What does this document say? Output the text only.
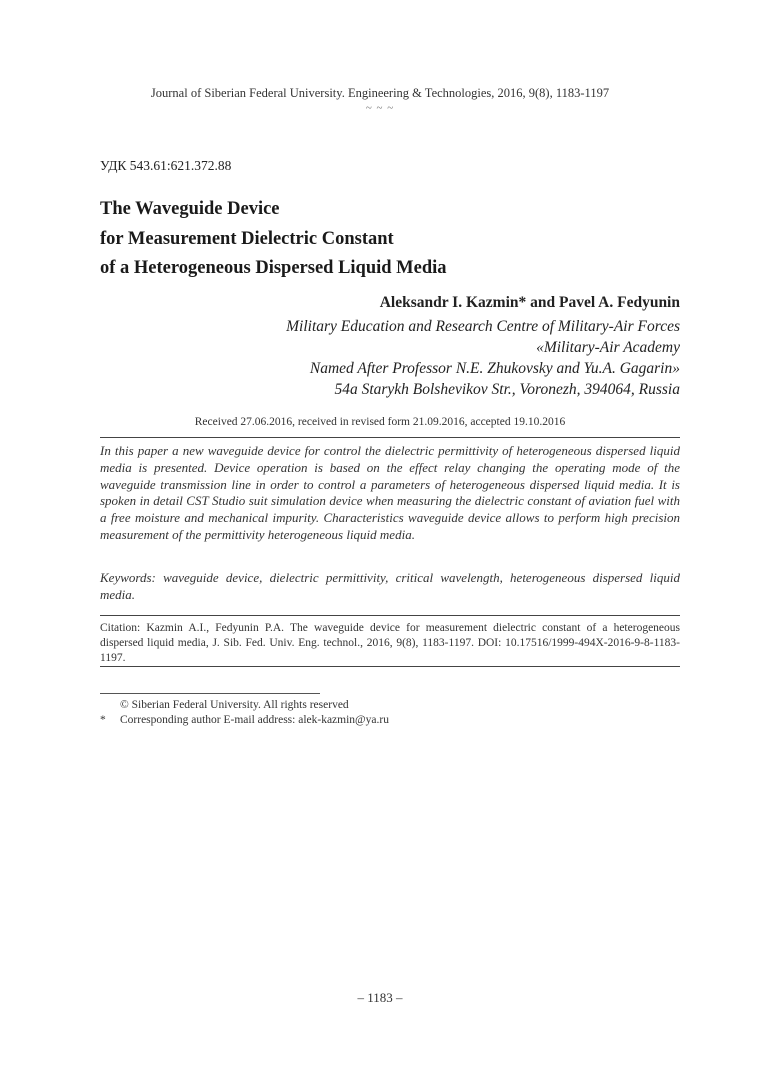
Journal of Siberian Federal University. Engineering & Technologies, 2016, 9(8), 1183-1197
~ ~ ~
УДК 543.61:621.372.88
The Waveguide Device
for Measurement Dielectric Constant
of a Heterogeneous Dispersed Liquid Media
Aleksandr I. Kazmin* and Pavel A. Fedyunin
Military Education and Research Centre of Military-Air Forces
«Military-Air Academy
Named After Professor N.E. Zhukovsky and Yu.A. Gagarin»
54a Starykh Bolshevikov Str., Voronezh, 394064, Russia
Received 27.06.2016, received in revised form 21.09.2016, accepted 19.10.2016
In this paper a new waveguide device for control the dielectric permittivity of heterogeneous dispersed liquid media is presented. Device operation is based on the effect relay changing the operating mode of the waveguide transmission line in order to control a parameters of heterogeneous dispersed liquid media. It is spoken in detail CST Studio suit simulation device when measuring the dielectric constant of aviation fuel with a free moisture and mechanical impurity. Characteristics waveguide device allows to perform high precision measurement of the permittivity heterogeneous liquid media.
Keywords: waveguide device, dielectric permittivity, critical wavelength, heterogeneous dispersed liquid media.
Citation: Kazmin A.I., Fedyunin P.A. The waveguide device for measurement dielectric constant of a heterogeneous dispersed liquid media, J. Sib. Fed. Univ. Eng. technol., 2016, 9(8), 1183-1197. DOI: 10.17516/1999-494X-2016-9-8-1183-1197.
© Siberian Federal University. All rights reserved
* Corresponding author E-mail address: alek-kazmin@ya.ru
– 1183 –
